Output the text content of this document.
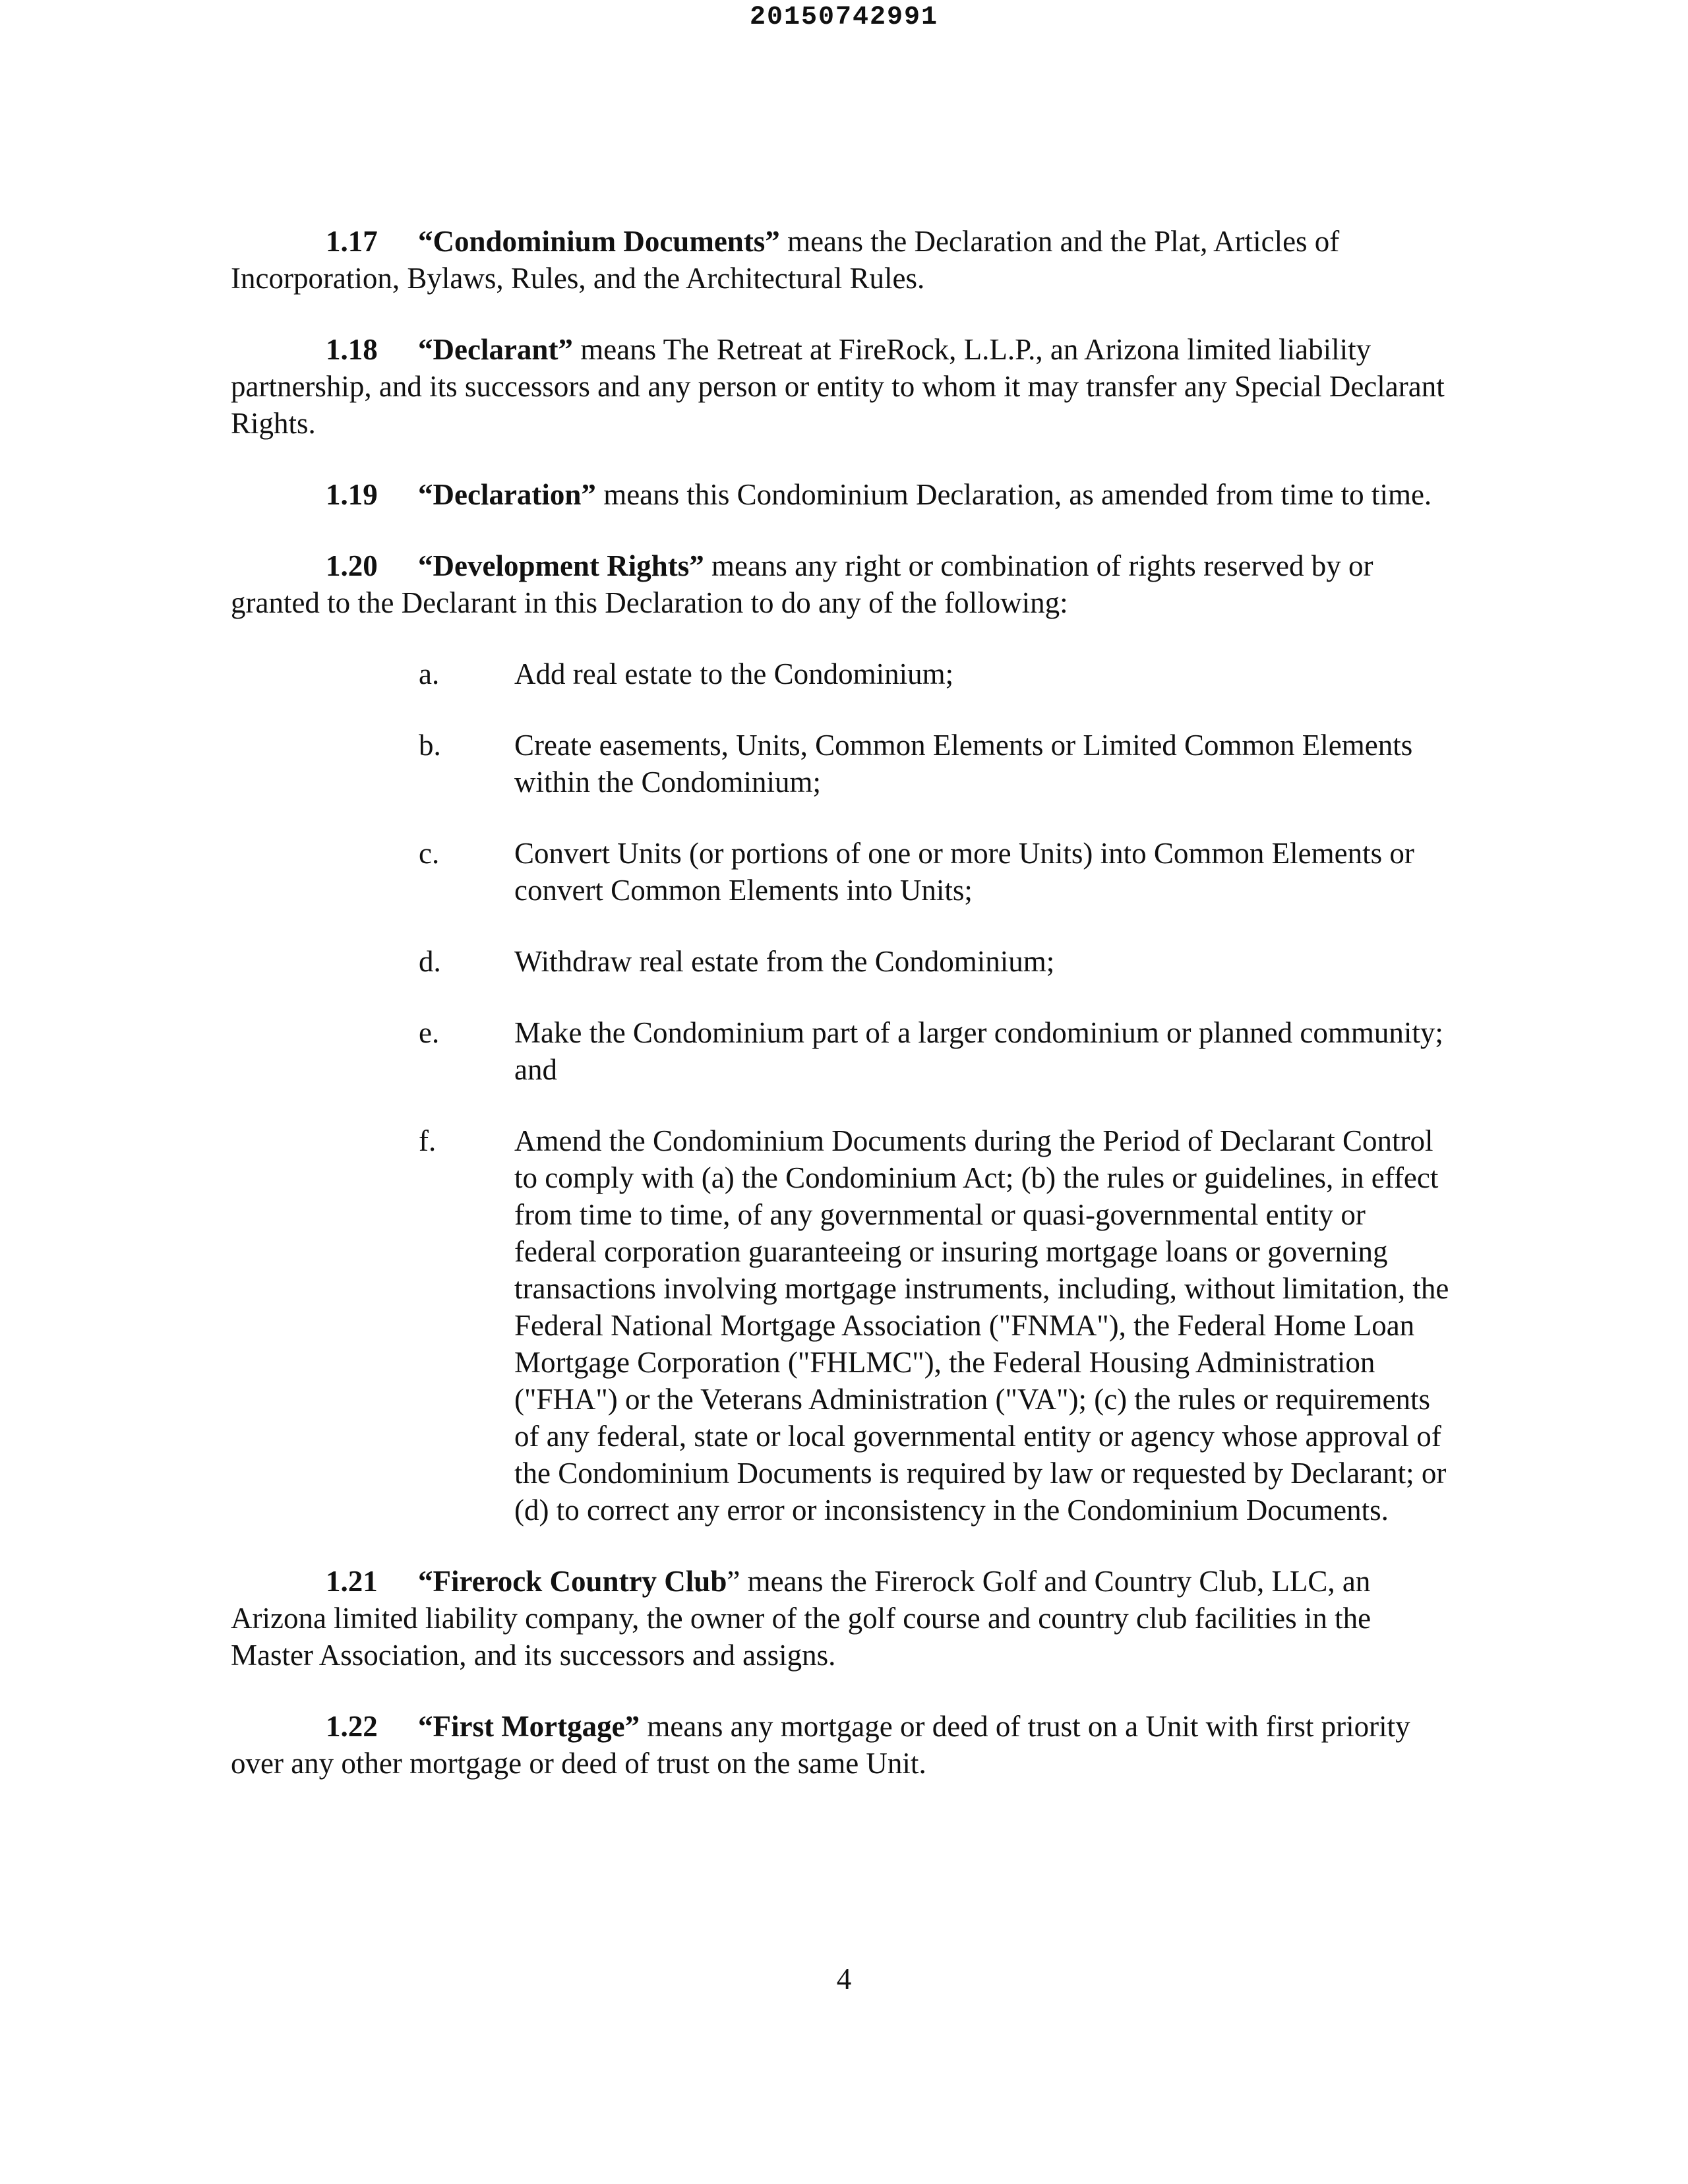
20150742991

1.17 “Condominium Documents” means the Declaration and the Plat, Articles of Incorporation, Bylaws, Rules, and the Architectural Rules.

1.18 “Declarant” means The Retreat at FireRock, L.L.P., an Arizona limited liability partnership, and its successors and any person or entity to whom it may transfer any Special Declarant Rights.

1.19 “Declaration” means this Condominium Declaration, as amended from time to time.

1.20 “Development Rights” means any right or combination of rights reserved by or granted to the Declarant in this Declaration to do any of the following:

a.	Add real estate to the Condominium;
b.	Create easements, Units, Common Elements or Limited Common Elements within the Condominium;
c.	Convert Units (or portions of one or more Units) into Common Elements or convert Common Elements into Units;
d.	Withdraw real estate from the Condominium;
e.	Make the Condominium part of a larger condominium or planned community; and
f.	Amend the Condominium Documents during the Period of Declarant Control to comply with (a) the Condominium Act; (b) the rules or guidelines, in effect from time to time, of any governmental or quasi-governmental entity or federal corporation guaranteeing or insuring mortgage loans or governing transactions involving mortgage instruments, including, without limitation, the Federal National Mortgage Association ("FNMA"), the Federal Home Loan Mortgage Corporation ("FHLMC"), the Federal Housing Administration ("FHA") or the Veterans Administration ("VA"); (c) the rules or requirements of any federal, state or local governmental entity or agency whose approval of the Condominium Documents is required by law or requested by Declarant; or (d) to correct any error or inconsistency in the Condominium Documents.

1.21 “Firerock Country Club” means the Firerock Golf and Country Club, LLC, an Arizona limited liability company, the owner of the golf course and country club facilities in the Master Association, and its successors and assigns.

1.22 “First Mortgage” means any mortgage or deed of trust on a Unit with first priority over any other mortgage or deed of trust on the same Unit.

4
